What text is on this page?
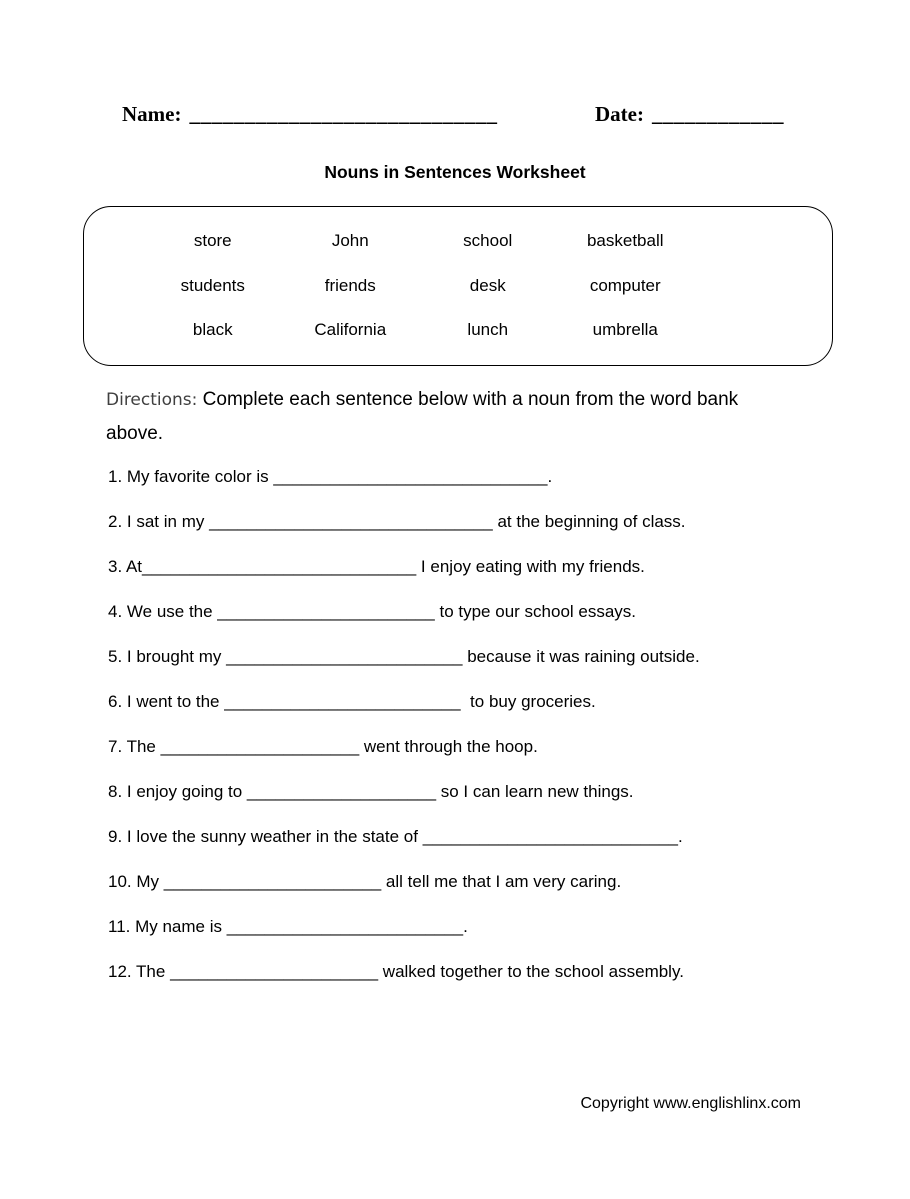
Name: ____________________________	Date: ____________
Nouns in Sentences Worksheet
store	John	school	basketball
students	friends	desk	computer
black	California	lunch	umbrella

Directions: Complete each sentence below with a noun from the word bank above.

1. My favorite color is _____________________________.

2. I sat in my ______________________________ at the beginning of class.

3. At_____________________________ I enjoy eating with my friends.

4. We use the _______________________ to type our school essays.

5. I brought my _________________________ because it was raining outside.

6. I went to the _________________________  to buy groceries.

7. The _____________________ went through the hoop.

8. I enjoy going to ____________________ so I can learn new things.

9. I love the sunny weather in the state of ___________________________.

10. My _______________________ all tell me that I am very caring.

11. My name is _________________________.

12. The ______________________ walked together to the school assembly.

Copyright www.englishlinx.com
